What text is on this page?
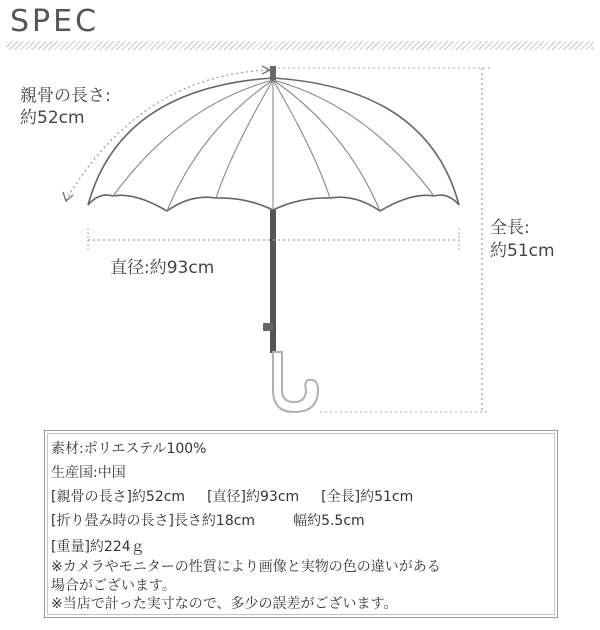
SPEC
親骨の長さ:
約52cm
直径:約93cm
全長:
約51cm
素材:ポリエステル100%
生産国:中国
[親骨の長さ]約52cm [直径]約93cm [全長]約51cm
[折り畳み時の長さ]長さ約18cm	幅約5.5cm
[重量]約224ｇ
※カメラやモニターの性質により画像と実物の色の違いがある
場合がございます。
※当店で計った実寸なので、多少の誤差がございます。
